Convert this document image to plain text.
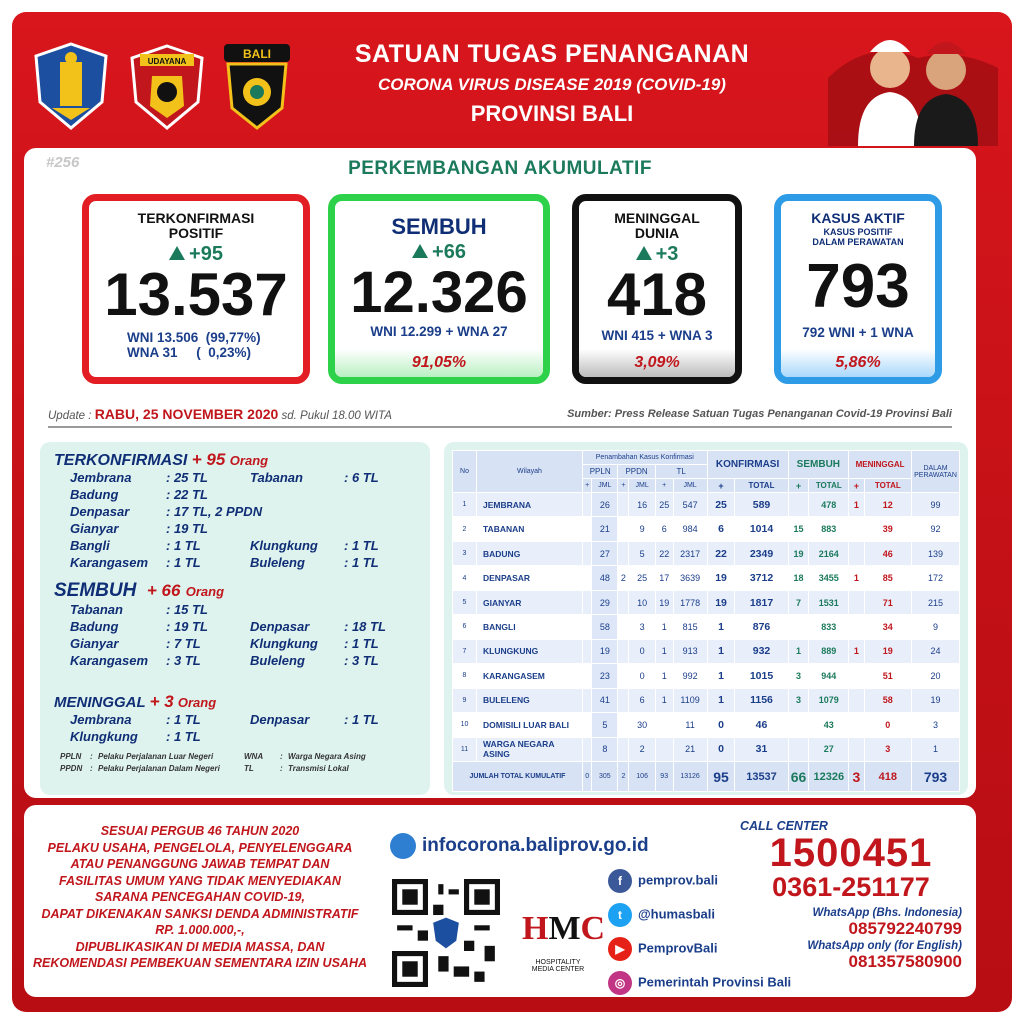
UDAYANA
BALI	SATUAN TUGAS PENANGANAN
CORONA VIRUS DISEASE 2019 (COVID-19)
PROVINSI BALI
#256	PERKEMBANGAN AKUMULATIF
TERKONFIRMASI
POSITIF
+95
13.537
WNI 13.506  (99,77%)
WNA 31     (  0,23%)
SEMBUH
+66
12.326
WNI 12.299 + WNA 27
91,05%
MENINGGAL
DUNIA
+3
418
WNI 415 + WNA 3
3,09%
KASUS AKTIF
KASUS POSITIF
DALAM PERAWATAN
793
792 WNI + 1 WNA
5,86%
Update : RABU, 25 NOVEMBER 2020 sd. Pukul 18.00 WITA	Sumber: Press Release Satuan Tugas Penanganan Covid-19 Provinsi Bali
TERKONFIRMASI + 95 Orang
Jembrana	: 25 TL	Tabanan	: 6 TL
Badung	: 22 TL
Denpasar	: 17 TL, 2 PPDN
Gianyar	: 19 TL
Bangli	: 1 TL	Klungkung : 1 TL
Karangasem : 1 TL	Buleleng	: 1 TL
SEMBUH + 66 Orang
Tabanan	: 15 TL
Badung	: 19 TL	Denpasar	: 18 TL
Gianyar	: 7 TL	Klungkung : 1 TL
Karangasem : 3 TL	Buleleng	: 3 TL
MENINGGAL + 3 Orang
Jembrana	: 1 TL	Denpasar	: 1 TL
Klungkung : 1 TL
PPLN : Pelaku Perjalanan Luar Negeri	WNA : Warga Negara Asing
PPDN : Pelaku Perjalanan Dalam Negeri	TL	: Transmisi Lokal
No	Wilayah	Penambahan Kasus Konfirmasi						KONFIRMASI		SEMBUH		MENINGGAL		DALAM
PERAWATAN
		PPLN		PPDN		TL								
		+	JML	+	JML	+	JML	+	TOTAL	+	TOTAL	+	TOTAL	
1	JEMBRANA		26		16	25	547	25	589		478	1	12	99
2	TABANAN		21		9	6	984	6	1014	15	883		39	92
3	BADUNG		27		5	22	2317	22	2349	19	2164		46	139
4	DENPASAR		48	2	25	17	3639	19	3712	18	3455	1	85	172
5	GIANYAR		29		10	19	1778	19	1817	7	1531		71	215
6	BANGLI		58		3	1	815	1	876		833		34	9
7	KLUNGKUNG		19		0	1	913	1	932	1	889	1	19	24
8	KARANGASEM		23		0	1	992	1	1015	3	944		51	20
9	BULELENG		41		6	1	1109	1	1156	3	1079		58	19
10	DOMISILI LUAR BALI		5		30		11	0	46		43		0	3
11	WARGA NEGARA ASING		8		2		21	0	31		27		3	1
JUMLAH TOTAL KUMULATIF		0	305	2	106	93	13126	95	13537	66	12326	3	418	793
SESUAI PERGUB 46 TAHUN 2020
PELAKU USAHA, PENGELOLA, PENYELENGGARA
ATAU PENANGGUNG JAWAB TEMPAT DAN
FASILITAS UMUM YANG TIDAK MENYEDIAKAN
SARANA PENCEGAHAN COVID-19,
DAPAT DIKENAKAN SANKSI DENDA ADMINISTRATIF
RP. 1.000.000,-,
DIPUBLIKASIKAN DI MEDIA MASSA, DAN
REKOMENDASI PEMBEKUAN SEMENTARA IZIN USAHA
infocorona.baliprov.go.id
HMC
HOSPITALITY
MEDIA CENTER
f pemprov.bali
t @humasbali
▶ PemprovBali
◎ Pemerintah Provinsi Bali
CALL CENTER
1500451
0361-251177
WhatsApp (Bhs. Indonesia)
085792240799
WhatsApp only (for English)
081357580900
